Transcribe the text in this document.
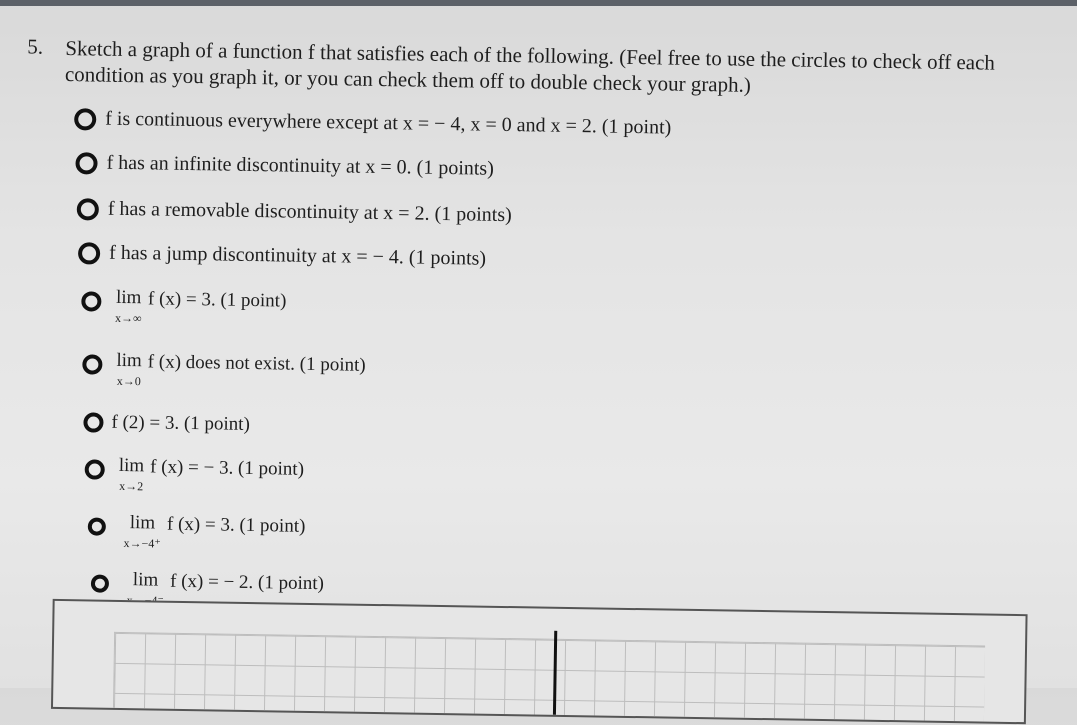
5. Sketch a graph of a function f that satisfies each of the following. (Feel free to use the circles to check off each condition as you graph it, or you can check them off to double check your graph.)
f is continuous everywhere except at x = − 4, x = 0 and x = 2. (1 point)
f has an infinite discontinuity at x = 0. (1 points)
f has a removable discontinuity at x = 2. (1 points)
f has a jump discontinuity at x = − 4. (1 points)
lim
x→∞
f (x) = 3. (1 point)
lim
x→0
f (x) does not exist. (1 point)
f (2) = 3. (1 point)
lim
x→2
f (x) = − 3. (1 point)
lim
x→−4⁺
f (x) = 3. (1 point)
lim f (x) = − 2. (1 point)
